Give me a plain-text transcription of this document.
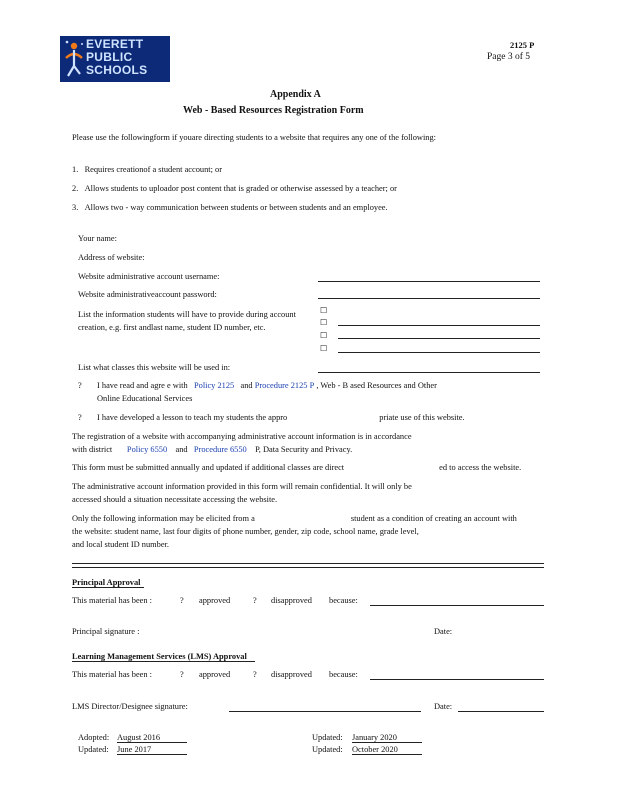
EVERETT
PUBLIC
SCHOOLS
2125 P
Page 3 of 5
Appendix A
Web - Based Resources Registration Form
Please use the followingform if youare directing students to a website that requires any one of the following:
1. Requires creationof a student account; or
2. Allows students to uploador post content that is graded or otherwise assessed by a teacher; or
3. Allows two - way communication between students or between students and an employee.
Your name:
Address of website:
Website administrative account username:
Website administrativeaccount password:
List the information students will have to provide during account creation, e.g. first andlast name, student ID number, etc.
☐
☐
☐
☐
List what classes this website will be used in:
? I have read and agre e with Policy 2125 and Procedure 2125 P , Web - B ased Resources and Other
Online Educational Services
? I have developed a lesson to teach my students the appro	priate use of this website.
The registration of a website with accompanying administrative account information is in accordance
with district Policy 6550 and Procedure 6550 P, Data Security and Privacy.
This form must be submitted annually and updated if additional classes are direct	ed to access the website.
The administrative account information provided in this form will remain confidential. It will only be
accessed should a situation necessitate accessing the website.
Only the following information may be elicited from a	student as a condition of creating an account with
the website: student name, last four digits of phone number, gender, zip code, school name, grade level,
and local student ID number.
Principal Approval
This material has been :	? approved	? disapproved because:
Principal signature :	Date:
Learning Management Services (LMS) Approval
This material has been :	? approved	? disapproved because:
LMS Director/Designee signature:	Date:
Adopted: August 2016
Updated: June 2017
Updated: January 2020
Updated: October 2020
